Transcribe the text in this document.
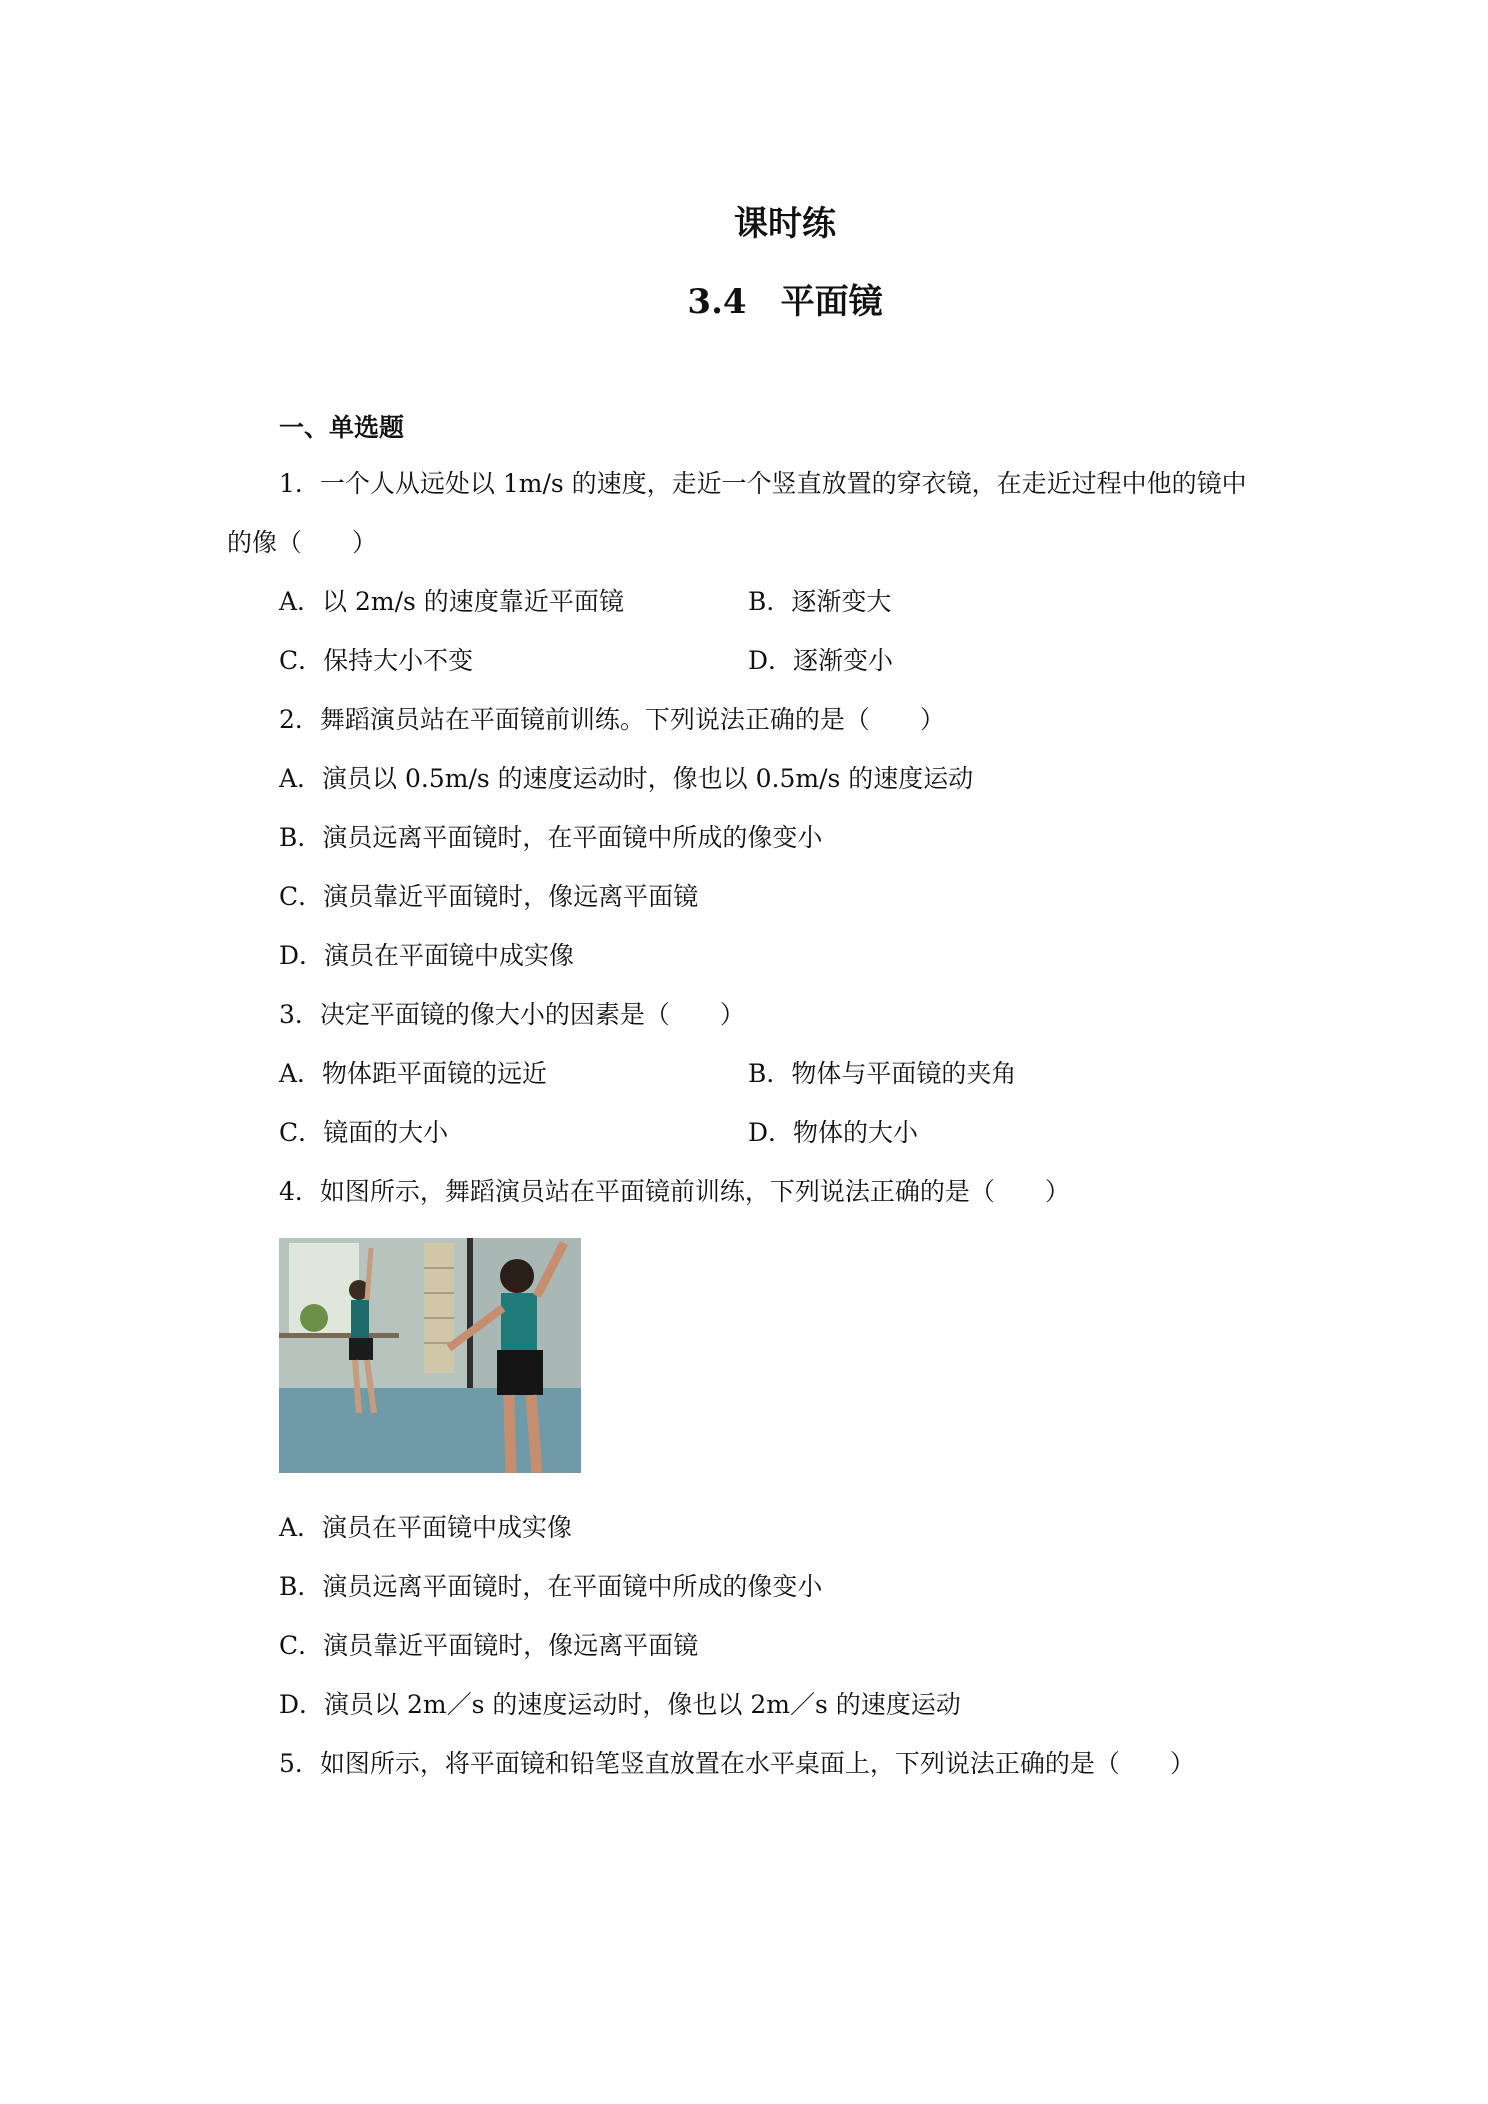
课时练
3.4　平面镜
一、单选题
1．一个人从远处以 1m/s 的速度，走近一个竖直放置的穿衣镜，在走近过程中他的镜中
的像（　　）
A．以 2m/s 的速度靠近平面镜	B．逐渐变大
C．保持大小不变	D．逐渐变小
2．舞蹈演员站在平面镜前训练。下列说法正确的是（　　）
A．演员以 0.5m/s 的速度运动时，像也以 0.5m/s 的速度运动
B．演员远离平面镜时，在平面镜中所成的像变小
C．演员靠近平面镜时，像远离平面镜
D．演员在平面镜中成实像
3．决定平面镜的像大小的因素是（　　）
A．物体距平面镜的远近	B．物体与平面镜的夹角
C．镜面的大小	D．物体的大小
4．如图所示，舞蹈演员站在平面镜前训练，下列说法正确的是（　　）
A．演员在平面镜中成实像
B．演员远离平面镜时，在平面镜中所成的像变小
C．演员靠近平面镜时，像远离平面镜
D．演员以 2m／s 的速度运动时，像也以 2m／s 的速度运动
5．如图所示，将平面镜和铅笔竖直放置在水平桌面上，下列说法正确的是（　　）
